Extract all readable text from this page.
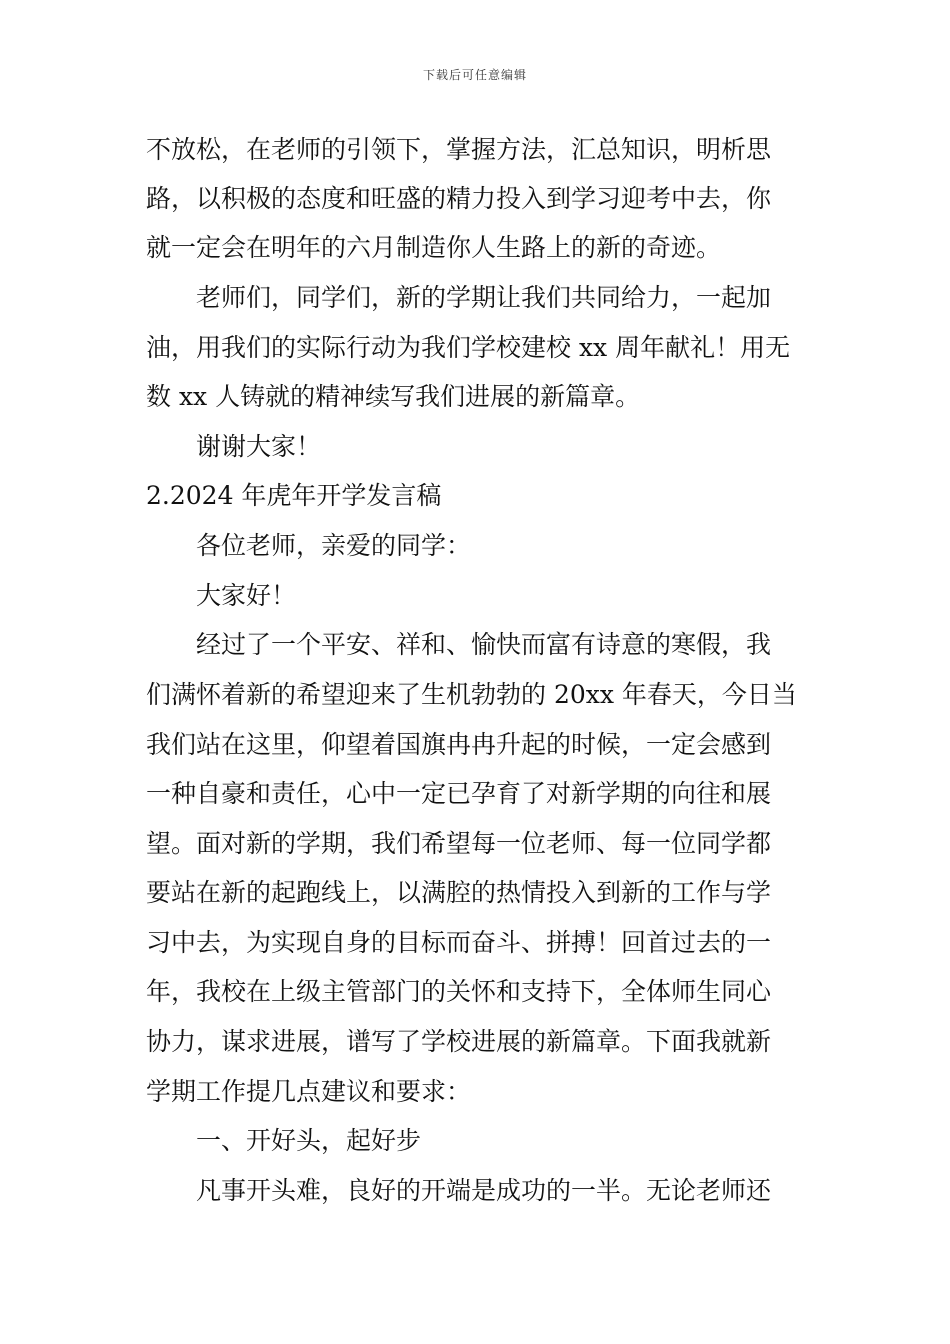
下载后可任意编辑
不放松，在老师的引领下，掌握方法，汇总知识，明析思
路，以积极的态度和旺盛的精力投入到学习迎考中去，你
就一定会在明年的六月制造你人生路上的新的奇迹。
老师们，同学们，新的学期让我们共同给力，一起加
油，用我们的实际行动为我们学校建校 xx 周年献礼！用无
数 xx 人铸就的精神续写我们进展的新篇章。
谢谢大家！
2.2024 年虎年开学发言稿
各位老师，亲爱的同学：
大家好！
经过了一个平安、祥和、愉快而富有诗意的寒假，我
们满怀着新的希望迎来了生机勃勃的 20xx 年春天，今日当
我们站在这里，仰望着国旗冉冉升起的时候，一定会感到
一种自豪和责任，心中一定已孕育了对新学期的向往和展
望。面对新的学期，我们希望每一位老师、每一位同学都
要站在新的起跑线上，以满腔的热情投入到新的工作与学
习中去，为实现自身的目标而奋斗、拼搏！回首过去的一
年，我校在上级主管部门的关怀和支持下，全体师生同心
协力，谋求进展，谱写了学校进展的新篇章。下面我就新
学期工作提几点建议和要求：
一、开好头，起好步
凡事开头难，良好的开端是成功的一半。无论老师还
